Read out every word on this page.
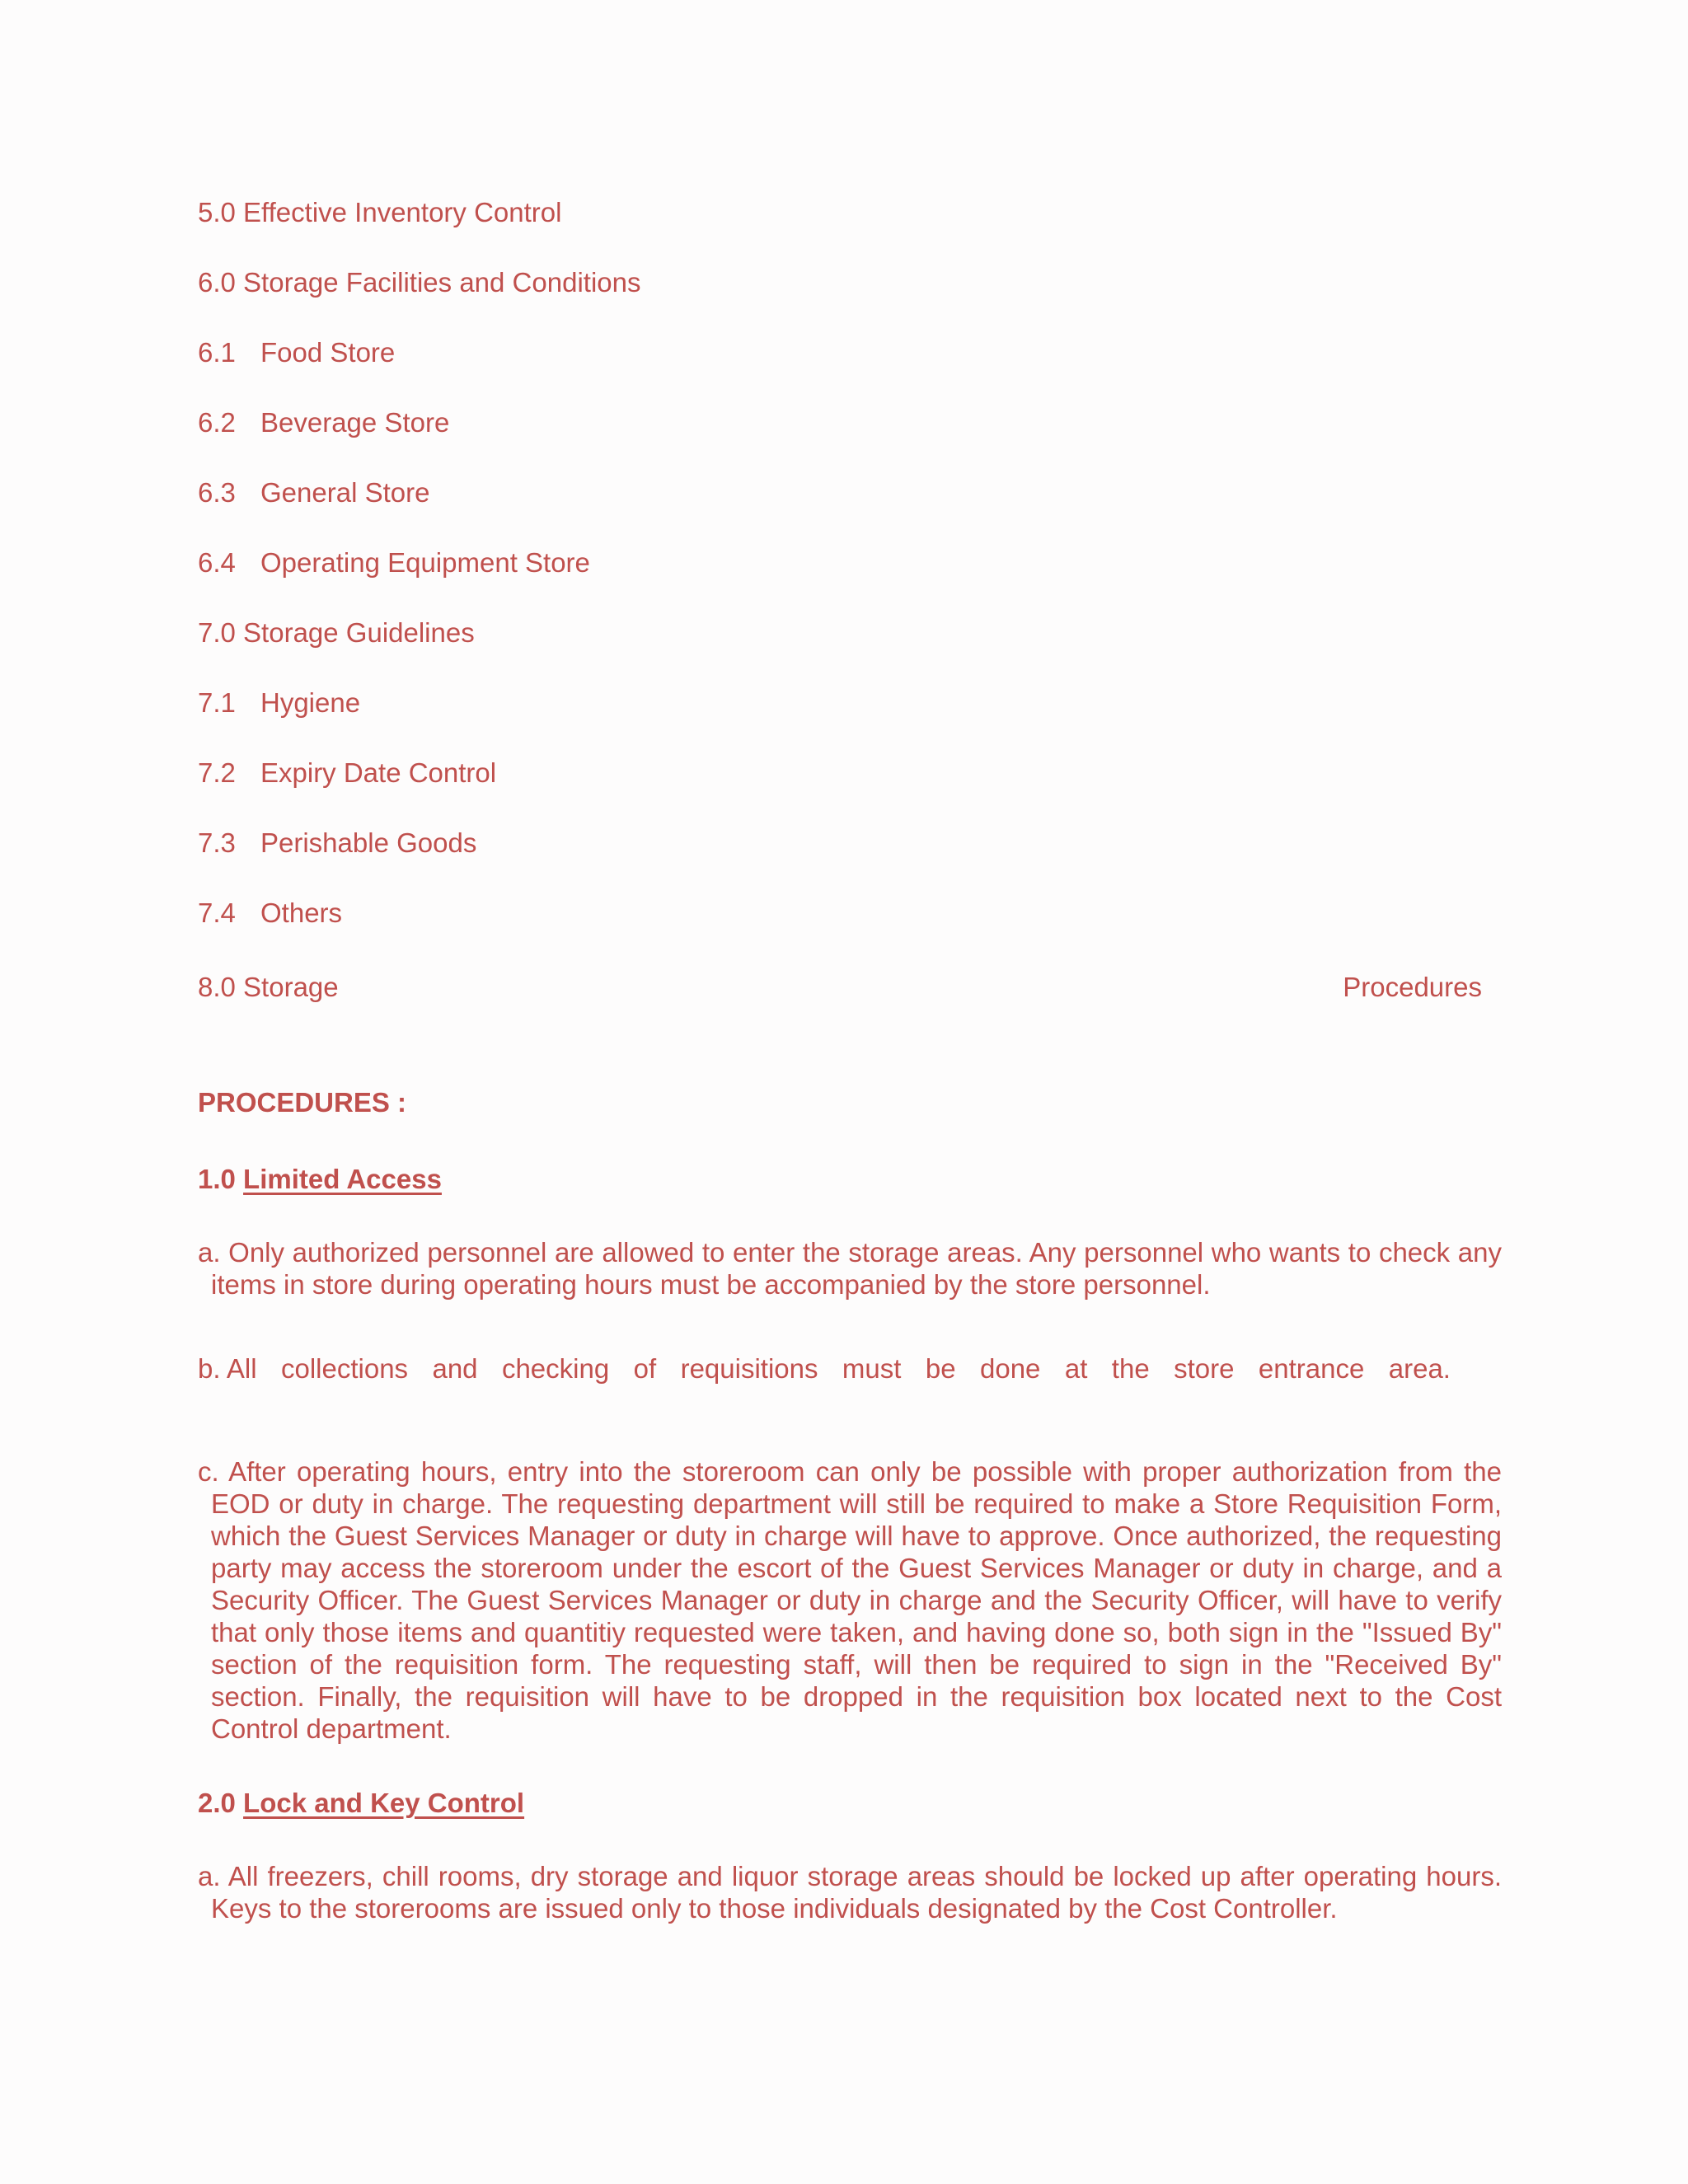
5.0 Effective Inventory Control
6.0 Storage Facilities and Conditions
6.1 Food Store
6.2 Beverage Store
6.3 General Store
6.4 Operating Equipment Store
7.0 Storage Guidelines
7.1 Hygiene
7.2 Expiry Date Control
7.3 Perishable Goods
7.4 Others
8.0 Storage	Procedures
PROCEDURES :
1.0 Limited Access
a. Only authorized personnel are allowed to enter the storage areas. Any personnel who wants to check any items in store during operating hours must be accompanied by the store personnel.
b. All collections and checking of requisitions must be done at the store entrance area.
c. After operating hours, entry into the storeroom can only be possible with proper authorization from the EOD or duty in charge. The requesting department will still be required to make a Store Requisition Form, which the Guest Services Manager or duty in charge will have to approve. Once authorized, the requesting party may access the storeroom under the escort of the Guest Services Manager or duty in charge, and a Security Officer. The Guest Services Manager or duty in charge and the Security Officer, will have to verify that only those items and quantitiy requested were taken, and having done so, both sign in the "Issued By" section of the requisition form. The requesting staff, will then be required to sign in the "Received By" section. Finally, the requisition will have to be dropped in the requisition box located next to the Cost Control department.
2.0 Lock and Key Control
a. All freezers, chill rooms, dry storage and liquor storage areas should be locked up after operating hours. Keys to the storerooms are issued only to those individuals designated by the Cost Controller.
